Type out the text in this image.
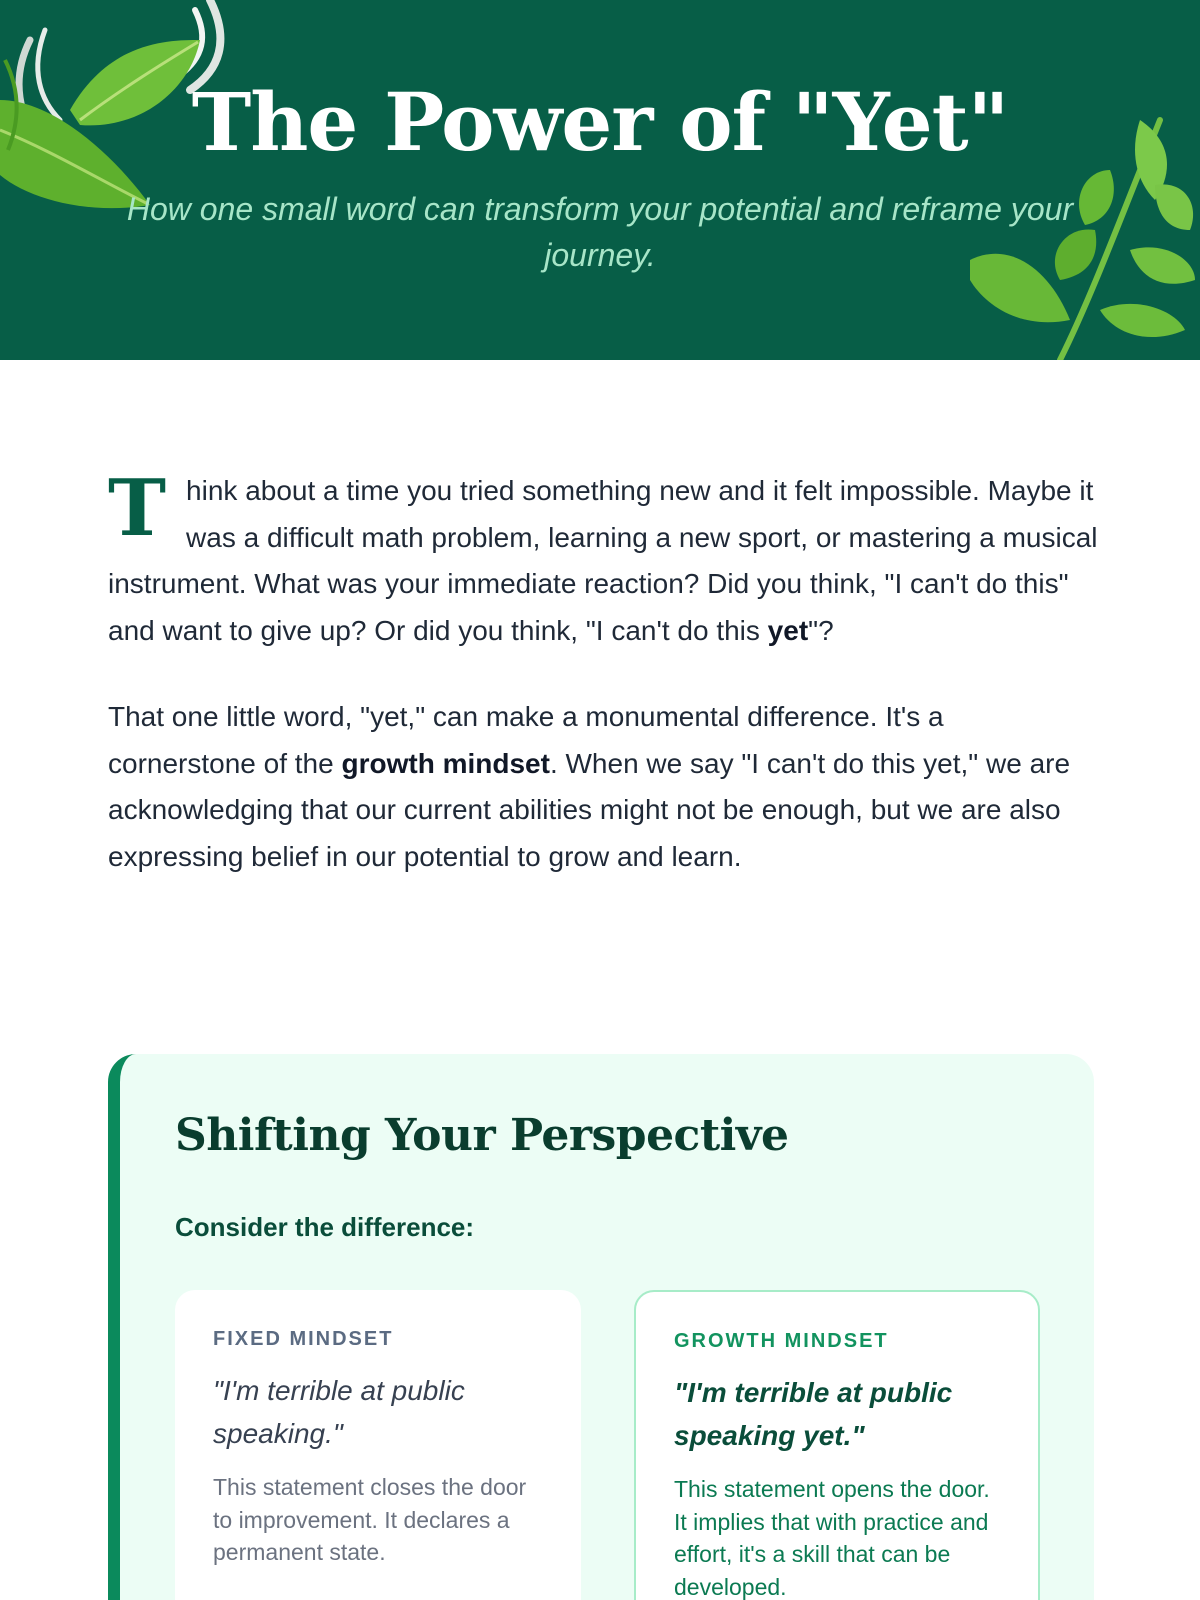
The Power of "Yet"

How one small word can transform your potential and reframe your journey.

Think about a time you tried something new and it felt impossible. Maybe it was a difficult math problem, learning a new sport, or mastering a musical instrument. What was your immediate reaction? Did you think, "I can't do this" and want to give up? Or did you think, "I can't do this yet"?

That one little word, "yet," can make a monumental difference. It's a cornerstone of the growth mindset. When we say "I can't do this yet," we are acknowledging that our current abilities might not be enough, but we are also expressing belief in our potential to grow and learn.

Shifting Your Perspective
Consider the difference:
FIXED MINDSET
"I'm terrible at public speaking."
This statement closes the door to improvement. It declares a permanent state.
GROWTH MINDSET
"I'm terrible at public speaking yet."
This statement opens the door. It implies that with practice and effort, it's a skill that can be developed.
